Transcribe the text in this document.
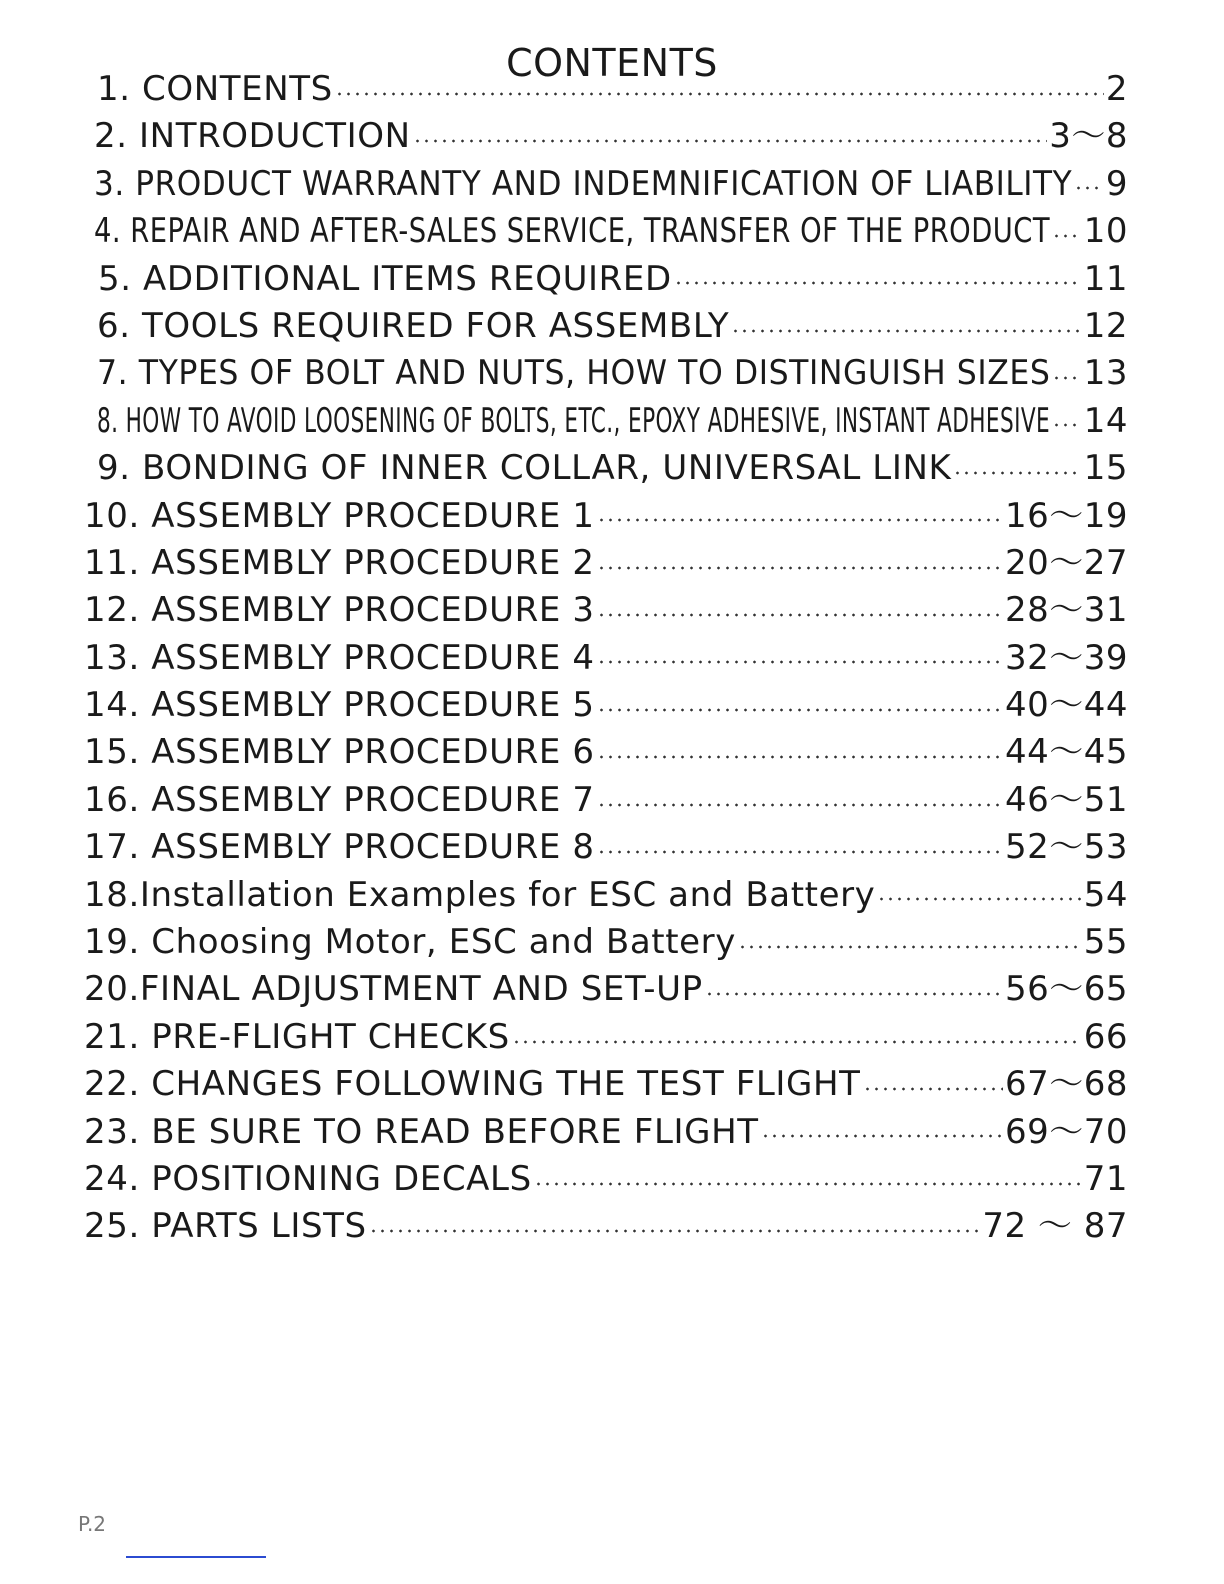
CONTENTS
1. CONTENTS	2
2. INTRODUCTION	3～8
3. PRODUCT WARRANTY AND INDEMNIFICATION OF LIABILITY 9
4. REPAIR AND AFTER-SALES SERVICE, TRANSFER OF THE PRODUCT 10
5. ADDITIONAL ITEMS REQUIRED	11
6. TOOLS REQUIRED FOR ASSEMBLY	12
7. TYPES OF BOLT AND NUTS, HOW TO DISTINGUISH SIZES 13
8. HOW TO AVOID LOOSENING OF BOLTS, ETC., EPOXY ADHESIVE, INSTANT ADHESIVE 14
9. BONDING OF INNER COLLAR, UNIVERSAL LINK	15
10. ASSEMBLY PROCEDURE 1	16～19
11. ASSEMBLY PROCEDURE 2	20～27
12. ASSEMBLY PROCEDURE 3	28～31
13. ASSEMBLY PROCEDURE 4	32～39
14. ASSEMBLY PROCEDURE 5	40～44
15. ASSEMBLY PROCEDURE 6	44～45
16. ASSEMBLY PROCEDURE 7	46～51
17. ASSEMBLY PROCEDURE 8	52～53
18.Installation Examples for ESC and Battery	54
19. Choosing Motor, ESC and Battery	55
20.FINAL ADJUSTMENT AND SET-UP	56～65
21. PRE-FLIGHT CHECKS	66
22. CHANGES FOLLOWING THE TEST FLIGHT	67～68
23. BE SURE TO READ BEFORE FLIGHT	69～70
24. POSITIONING DECALS	71
25. PARTS LISTS	72 ～ 87
P.2
